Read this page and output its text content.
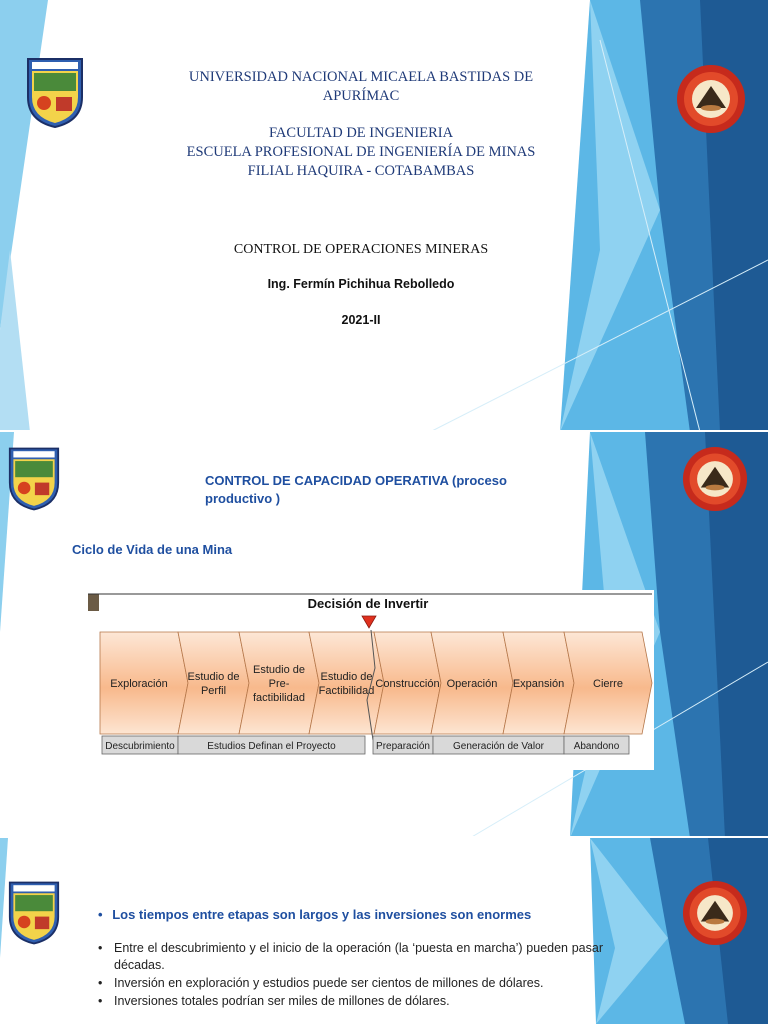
UNIVERSIDAD NACIONAL MICAELA BASTIDAS DE APURÍMAC
FACULTAD DE INGENIERIA
ESCUELA PROFESIONAL DE INGENIERÍA DE MINAS
FILIAL HAQUIRA - COTABAMBAS
CONTROL DE OPERACIONES MINERAS
Ing. Fermín Pichihua Rebolledo
2021-II
CONTROL DE CAPACIDAD OPERATIVA (proceso productivo )
Ciclo de Vida de una Mina
Decisión de Invertir
Exploración
Estudio de
Perfil
Estudio de
Pre-
factibilidad
Estudio de
Factibilidad
Construcción Operación Expansión	Cierre
Descubrimiento	Estudios Definan el Proyecto	Preparación Generación de Valor	Abandono
• Los tiempos entre etapas son largos y las inversiones son enormes
• Entre el descubrimiento y el inicio de la operación (la ‘puesta en marcha’) pueden pasar décadas.
• Inversión en exploración y estudios puede ser cientos de millones de dólares.
• Inversiones totales podrían ser miles de millones de dólares.
